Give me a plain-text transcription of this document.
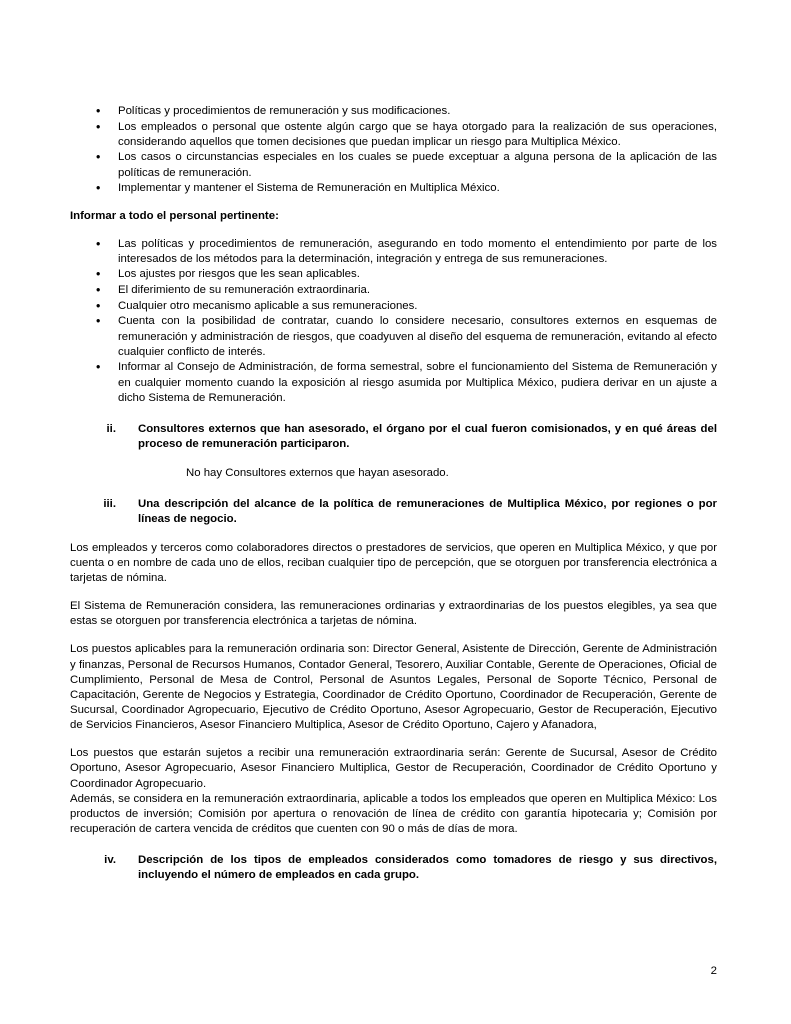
• Políticas y procedimientos de remuneración y sus modificaciones.
• Los empleados o personal que ostente algún cargo que se haya otorgado para la realización de sus operaciones, considerando aquellos que tomen decisiones que puedan implicar un riesgo para Multiplica México.
• Los casos o circunstancias especiales en los cuales se puede exceptuar a alguna persona de la aplicación de las políticas de remuneración.
• Implementar y mantener el Sistema de Remuneración en Multiplica México.
Informar a todo el personal pertinente:
• Las políticas y procedimientos de remuneración, asegurando en todo momento el entendimiento por parte de los interesados de los métodos para la determinación, integración y entrega de sus remuneraciones.
• Los ajustes por riesgos que les sean aplicables.
• El diferimiento de su remuneración extraordinaria.
• Cualquier otro mecanismo aplicable a sus remuneraciones.
• Cuenta con la posibilidad de contratar, cuando lo considere necesario, consultores externos en esquemas de remuneración y administración de riesgos, que coadyuven al diseño del esquema de remuneración, evitando al efecto cualquier conflicto de interés.
• Informar al Consejo de Administración, de forma semestral, sobre el funcionamiento del Sistema de Remuneración y en cualquier momento cuando la exposición al riesgo asumida por Multiplica México, pudiera derivar en un ajuste a dicho Sistema de Remuneración.
ii.	Consultores externos que han asesorado, el órgano por el cual fueron comisionados, y en qué áreas del proceso de remuneración participaron.
No hay Consultores externos que hayan asesorado.
iii.	Una descripción del alcance de la política de remuneraciones de Multiplica México, por regiones o por líneas de negocio.

Los empleados y terceros como colaboradores directos o prestadores de servicios, que operen en Multiplica México, y que por cuenta o en nombre de cada uno de ellos, reciban cualquier tipo de percepción, que se otorguen por transferencia electrónica a tarjetas de nómina.

El Sistema de Remuneración considera, las remuneraciones ordinarias y extraordinarias de los puestos elegibles, ya sea que estas se otorguen por transferencia electrónica a tarjetas de nómina.

Los puestos aplicables para la remuneración ordinaria son: Director General, Asistente de Dirección, Gerente de Administración y finanzas, Personal de Recursos Humanos, Contador General, Tesorero, Auxiliar Contable, Gerente de Operaciones, Oficial de Cumplimiento, Personal de Mesa de Control, Personal de Asuntos Legales, Personal de Soporte Técnico, Personal de Capacitación, Gerente de Negocios y Estrategia, Coordinador de Crédito Oportuno, Coordinador de Recuperación, Gerente de Sucursal, Coordinador Agropecuario, Ejecutivo de Crédito Oportuno, Asesor Agropecuario, Gestor de Recuperación, Ejecutivo de Servicios Financieros, Asesor Financiero Multiplica, Asesor de Crédito Oportuno, Cajero y Afanadora,

Los puestos que estarán sujetos a recibir una remuneración extraordinaria serán: Gerente de Sucursal, Asesor de Crédito Oportuno, Asesor Agropecuario, Asesor Financiero Multiplica, Gestor de Recuperación, Coordinador de Crédito Oportuno y Coordinador Agropecuario.

Además, se considera en la remuneración extraordinaria, aplicable a todos los empleados que operen en Multiplica México: Los productos de inversión; Comisión por apertura o renovación de línea de crédito con garantía hipotecaria y; Comisión por recuperación de cartera vencida de créditos que cuenten con 90 o más de días de mora.

iv.	Descripción de los tipos de empleados considerados como tomadores de riesgo y sus directivos, incluyendo el número de empleados en cada grupo.
2
